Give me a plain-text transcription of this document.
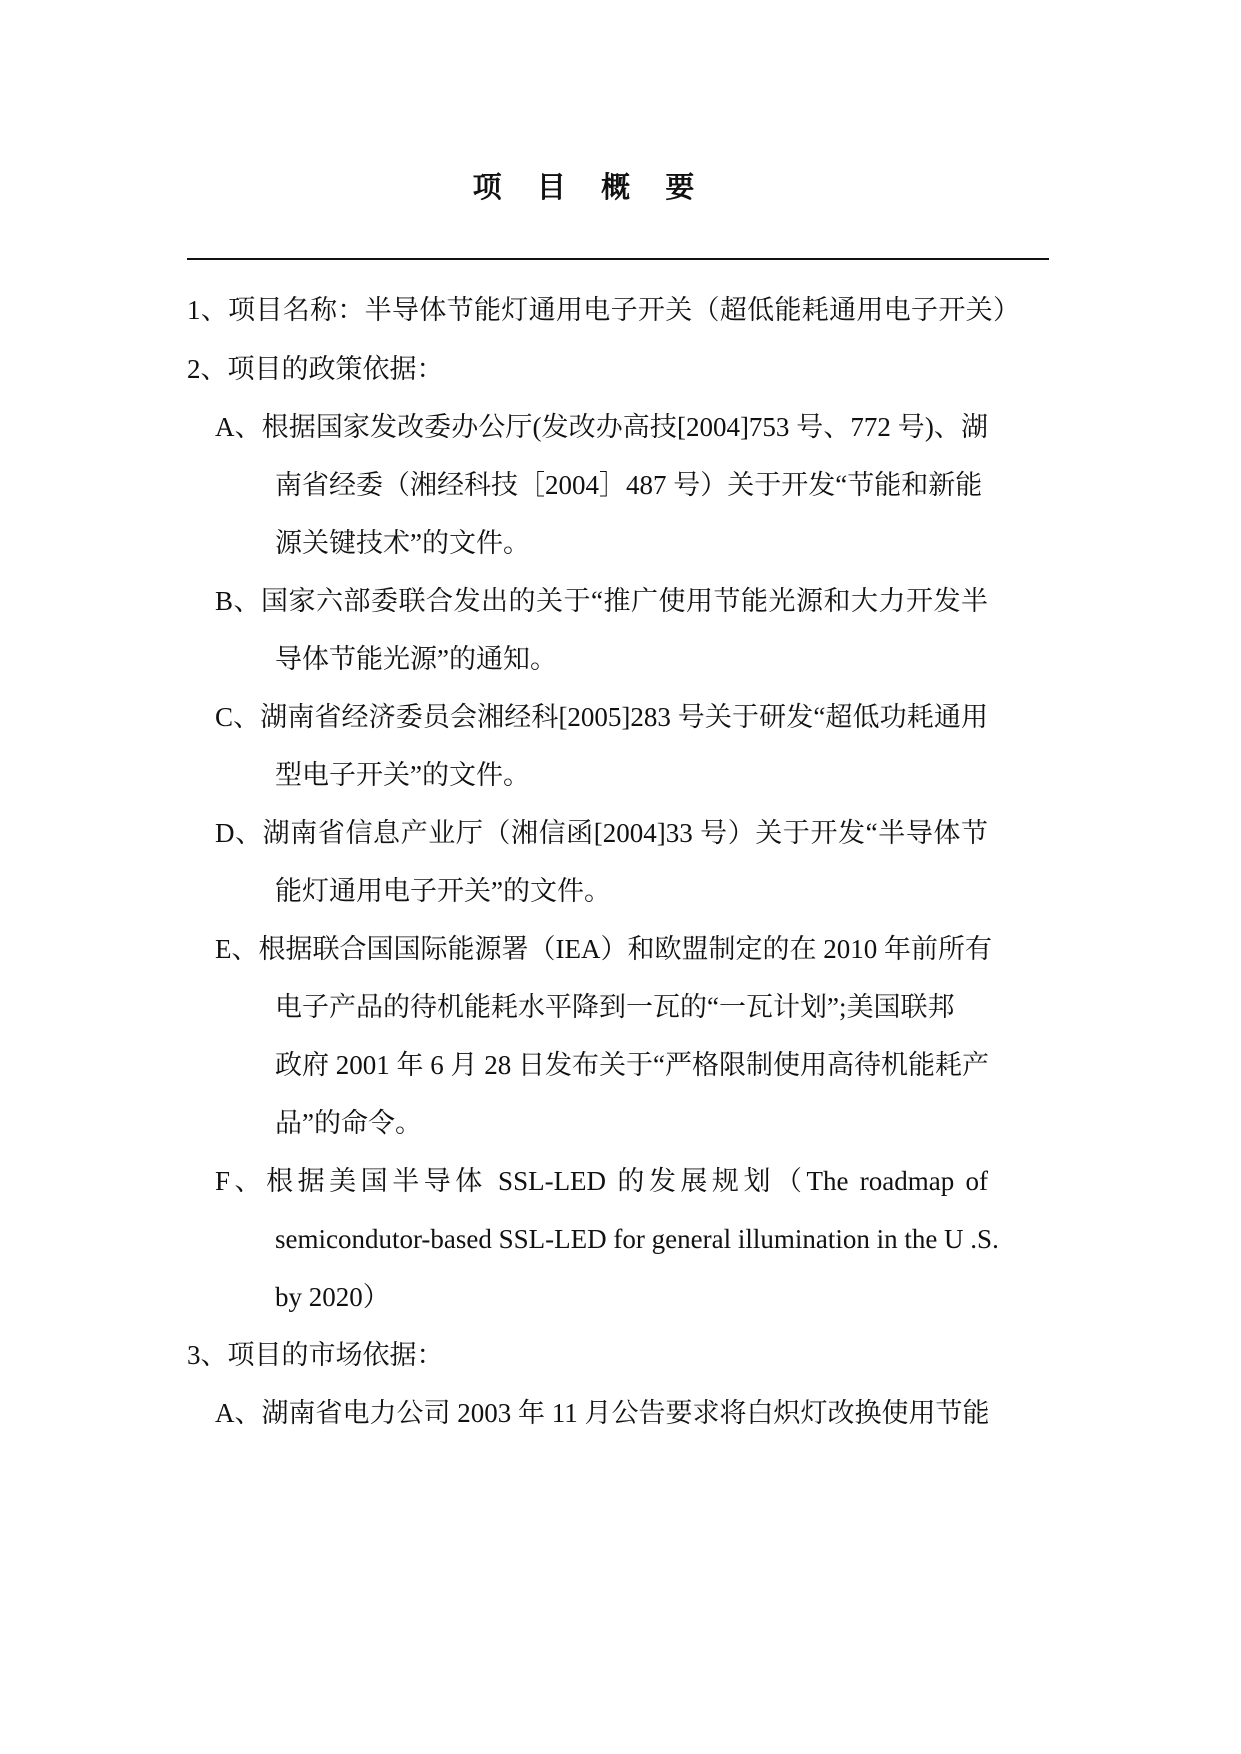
项 目 概 要
1、项目名称：半导体节能灯通用电子开关（超低能耗通用电子开关）
2、项目的政策依据：
A、根据国家发改委办公厅(发改办高技[2004]753 号、772 号)、湖
南省经委（湘经科技［2004］487 号）关于开发“节能和新能
源关键技术”的文件。
B、国家六部委联合发出的关于“推广使用节能光源和大力开发半
导体节能光源”的通知。
C、湖南省经济委员会湘经科[2005]283 号关于研发“超低功耗通用
型电子开关”的文件。
D、湖南省信息产业厅（湘信函[2004]33 号）关于开发“半导体节
能灯通用电子开关”的文件。
E、根据联合国国际能源署（IEA）和欧盟制定的在 2010 年前所有
电子产品的待机能耗水平降到一瓦的“一瓦计划”;美国联邦
政府 2001 年 6 月 28 日发布关于“严格限制使用高待机能耗产
品”的命令。
F、根据美国半导体 SSL-LED 的发展规划（The roadmap of
semicondutor-based SSL-LED for general illumination in the U .S.
by 2020）
3、项目的市场依据：
A、湖南省电力公司 2003 年 11 月公告要求将白炽灯改换使用节能
